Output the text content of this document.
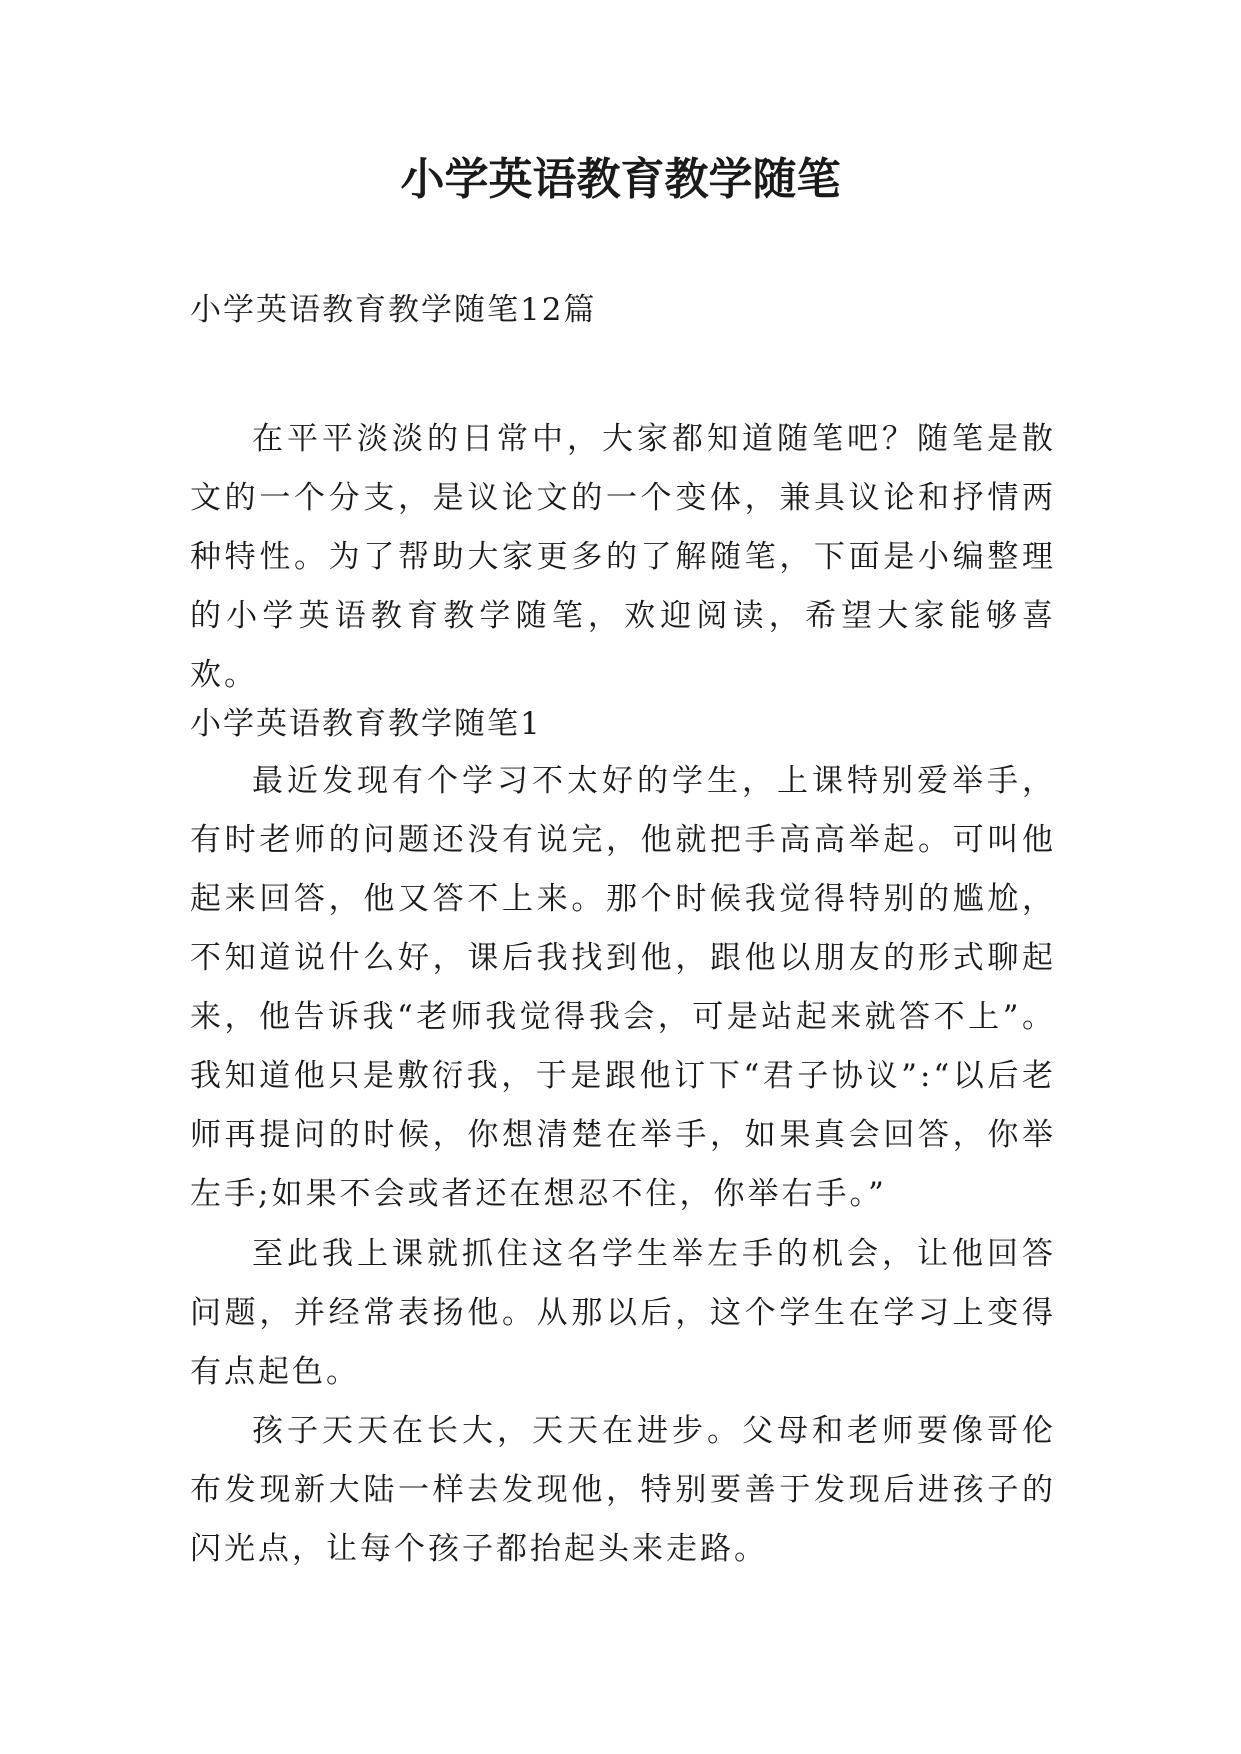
小学英语教育教学随笔

小学英语教育教学随笔12篇

在平平淡淡的日常中，大家都知道随笔吧？随笔是散文的一个分支，是议论文的一个变体，兼具议论和抒情两种特性。为了帮助大家更多的了解随笔，下面是小编整理的小学英语教育教学随笔，欢迎阅读，希望大家能够喜欢。

小学英语教育教学随笔1

最近发现有个学习不太好的学生，上课特别爱举手，有时老师的问题还没有说完，他就把手高高举起。可叫他起来回答，他又答不上来。那个时候我觉得特别的尴尬，不知道说什么好，课后我找到他，跟他以朋友的形式聊起来，他告诉我“老师我觉得我会，可是站起来就答不上”。我知道他只是敷衍我，于是跟他订下“君子协议”:“以后老师再提问的时候，你想清楚在举手，如果真会回答，你举左手;如果不会或者还在想忍不住，你举右手。”

至此我上课就抓住这名学生举左手的机会，让他回答问题，并经常表扬他。从那以后，这个学生在学习上变得有点起色。

孩子天天在长大，天天在进步。父母和老师要像哥伦布发现新大陆一样去发现他，特别要善于发现后进孩子的闪光点，让每个孩子都抬起头来走路。
